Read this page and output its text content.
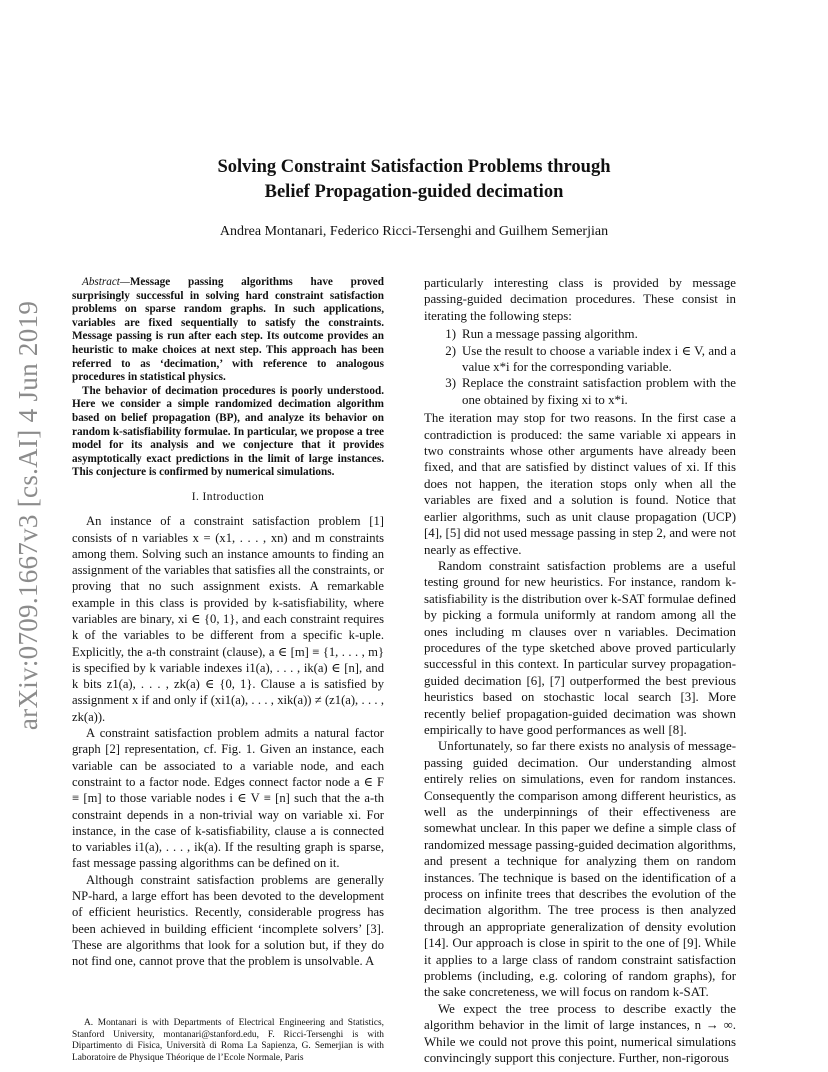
arXiv:0709.1667v3 [cs.AI] 4 Jun 2019
Solving Constraint Satisfaction Problems through
Belief Propagation-guided decimation
Andrea Montanari, Federico Ricci-Tersenghi and Guilhem Semerjian

Abstract—Message passing algorithms have proved surprisingly successful in solving hard constraint satisfaction problems on sparse random graphs. In such applications, variables are fixed sequentially to satisfy the constraints. Message passing is run after each step. Its outcome provides an heuristic to make choices at next step. This approach has been referred to as ‘decimation,’ with reference to analogous procedures in statistical physics.

The behavior of decimation procedures is poorly understood. Here we consider a simple randomized decimation algorithm based on belief propagation (BP), and analyze its behavior on random k-satisfiability formulae. In particular, we propose a tree model for its analysis and we conjecture that it provides asymptotically exact predictions in the limit of large instances. This conjecture is confirmed by numerical simulations.

I. Introduction

An instance of a constraint satisfaction problem [1] consists of n variables x = (x1, . . . , xn) and m constraints among them. Solving such an instance amounts to finding an assignment of the variables that satisfies all the constraints, or proving that no such assignment exists. A remarkable example in this class is provided by k-satisfiability, where variables are binary, xi ∈ {0, 1}, and each constraint requires k of the variables to be different from a specific k-uple. Explicitly, the a-th constraint (clause), a ∈ [m] ≡ {1, . . . , m} is specified by k variable indexes i1(a), . . . , ik(a) ∈ [n], and k bits z1(a), . . . , zk(a) ∈ {0, 1}. Clause a is satisfied by assignment x if and only if (xi1(a), . . . , xik(a)) ≠ (z1(a), . . . , zk(a)).

A constraint satisfaction problem admits a natural factor graph [2] representation, cf. Fig. 1. Given an instance, each variable can be associated to a variable node, and each constraint to a factor node. Edges connect factor node a ∈ F ≡ [m] to those variable nodes i ∈ V ≡ [n] such that the a-th constraint depends in a non-trivial way on variable xi. For instance, in the case of k-satisfiability, clause a is connected to variables i1(a), . . . , ik(a). If the resulting graph is sparse, fast message passing algorithms can be defined on it.

Although constraint satisfaction problems are generally NP-hard, a large effort has been devoted to the development of efficient heuristics. Recently, considerable progress has been achieved in building efficient ‘incomplete solvers’ [3]. These are algorithms that look for a solution but, if they do not find one, cannot prove that the problem is unsolvable. A

A. Montanari is with Departments of Electrical Engineering and Statistics, Stanford University, montanari@stanford.edu, F. Ricci-Tersenghi is with Dipartimento di Fisica, Università di Roma La Sapienza, G. Semerjian is with Laboratoire de Physique Théorique de l’Ecole Normale, Paris

particularly interesting class is provided by message passing-guided decimation procedures. These consist in iterating the following steps:

1) Run a message passing algorithm.
2) Use the result to choose a variable index i ∈ V, and a value x*i for the corresponding variable.
3) Replace the constraint satisfaction problem with the one obtained by fixing xi to x*i.

The iteration may stop for two reasons. In the first case a contradiction is produced: the same variable xi appears in two constraints whose other arguments have already been fixed, and that are satisfied by distinct values of xi. If this does not happen, the iteration stops only when all the variables are fixed and a solution is found. Notice that earlier algorithms, such as unit clause propagation (UCP) [4], [5] did not used message passing in step 2, and were not nearly as effective.

Random constraint satisfaction problems are a useful testing ground for new heuristics. For instance, random k-satisfiability is the distribution over k-SAT formulae defined by picking a formula uniformly at random among all the ones including m clauses over n variables. Decimation procedures of the type sketched above proved particularly successful in this context. In particular survey propagation-guided decimation [6], [7] outperformed the best previous heuristics based on stochastic local search [3]. More recently belief propagation-guided decimation was shown empirically to have good performances as well [8].

Unfortunately, so far there exists no analysis of message-passing guided decimation. Our understanding almost entirely relies on simulations, even for random instances. Consequently the comparison among different heuristics, as well as the underpinnings of their effectiveness are somewhat unclear. In this paper we define a simple class of randomized message passing-guided decimation algorithms, and present a technique for analyzing them on random instances. The technique is based on the identification of a process on infinite trees that describes the evolution of the decimation algorithm. The tree process is then analyzed through an appropriate generalization of density evolution [14]. Our approach is close in spirit to the one of [9]. While it applies to a large class of random constraint satisfaction problems (including, e.g. coloring of random graphs), for the sake concreteness, we will focus on random k-SAT.

We expect the tree process to describe exactly the algorithm behavior in the limit of large instances, n → ∞. While we could not prove this point, numerical simulations convincingly support this conjecture. Further, non-rigorous
